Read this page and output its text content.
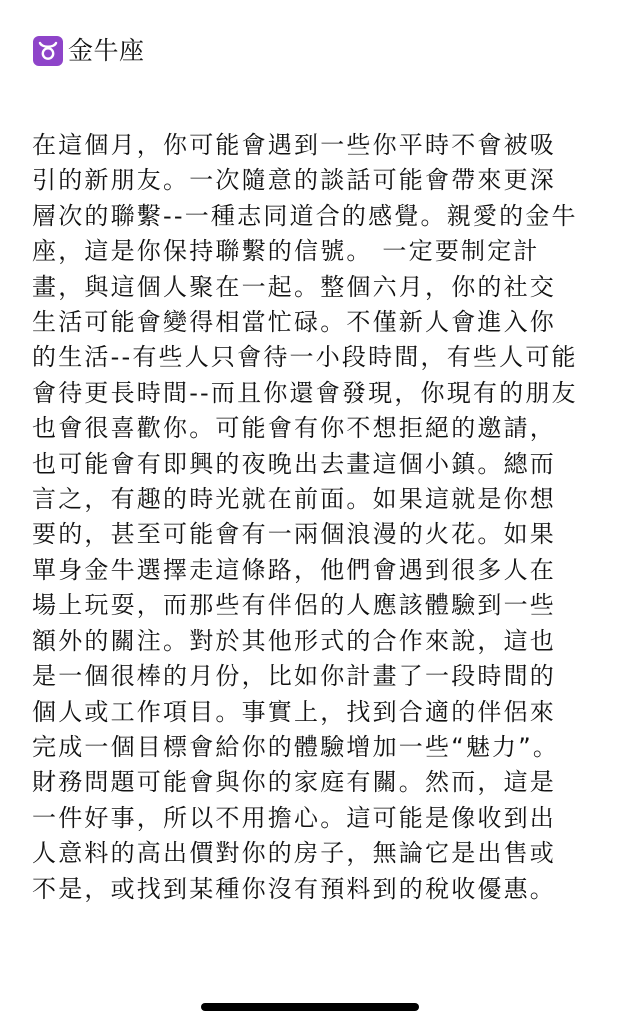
金牛座
在這個月，你可能會遇到一些你平時不會被吸
引的新朋友。一次隨意的談話可能會帶來更深
層次的聯繫--一種志同道合的感覺。親愛的金牛
座，這是你保持聯繫的信號。 一定要制定計
畫，與這個人聚在一起。整個六月，你的社交
生活可能會變得相當忙碌。不僅新人會進入你
的生活--有些人只會待一小段時間，有些人可能
會待更長時間--而且你還會發現，你現有的朋友
也會很喜歡你。可能會有你不想拒絕的邀請，
也可能會有即興的夜晚出去畫這個小鎮。總而
言之，有趣的時光就在前面。如果這就是你想
要的，甚至可能會有一兩個浪漫的火花。如果
單身金牛選擇走這條路，他們會遇到很多人在
場上玩耍，而那些有伴侶的人應該體驗到一些
額外的關注。對於其他形式的合作來說，這也
是一個很棒的月份，比如你計畫了一段時間的
個人或工作項目。事實上，找到合適的伴侶來
完成一個目標會給你的體驗增加一些“魅力”。
財務問題可能會與你的家庭有關。然而，這是
一件好事，所以不用擔心。這可能是像收到出
人意料的高出價對你的房子，無論它是出售或
不是，或找到某種你沒有預料到的稅收優惠。
